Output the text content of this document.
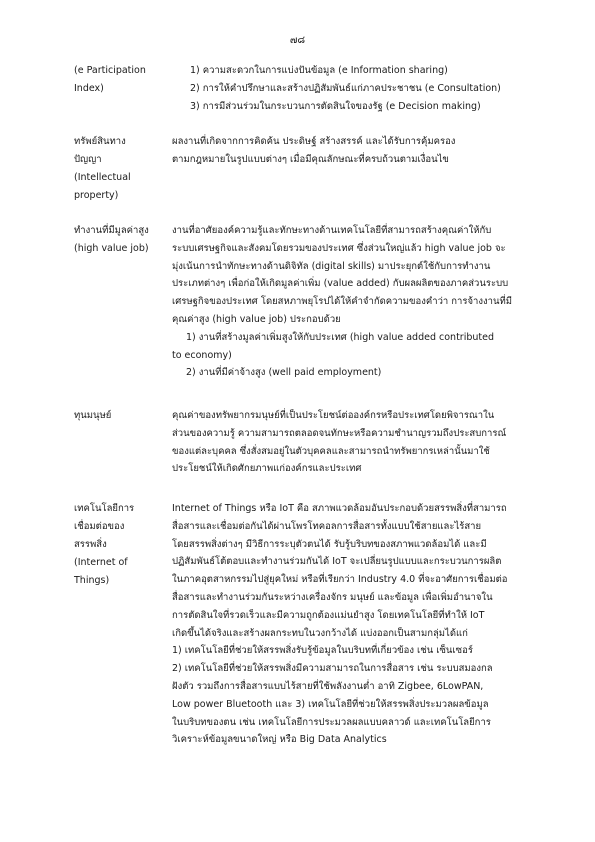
๗๘
(e Participation
Index)
1) ความสะดวกในการแบ่งปันข้อมูล (e Information sharing)
2) การให้คำปรึกษาและสร้างปฏิสัมพันธ์แก่ภาคประชาชน (e Consultation)
3) การมีส่วนร่วมในกระบวนการตัดสินใจของรัฐ (e Decision making)
ทรัพย์สินทาง
ปัญญา
(Intellectual
property)
ผลงานที่เกิดจากการคิดค้น ประดิษฐ์ สร้างสรรค์ และได้รับการคุ้มครอง
ตามกฎหมายในรูปแบบต่างๆ เมื่อมีคุณลักษณะที่ครบถ้วนตามเงื่อนไข
ทำงานที่มีมูลค่าสูง
(high value job)
งานที่อาศัยองค์ความรู้และทักษะทางด้านเทคโนโลยีที่สามารถสร้างคุณค่าให้กับ
ระบบเศรษฐกิจและสังคมโดยรวมของประเทศ ซึ่งส่วนใหญ่แล้ว high value job จะ
มุ่งเน้นการนำทักษะทางด้านดิจิทัล (digital skills) มาประยุกต์ใช้กับการทำงาน
ประเภทต่างๆ เพื่อก่อให้เกิดมูลค่าเพิ่ม (value added) กับผลผลิตของภาคส่วนระบบ
เศรษฐกิจของประเทศ โดยสหภาพยุโรปได้ให้คำจำกัดความของคำว่า การจ้างงานที่มี
คุณค่าสูง (high value job) ประกอบด้วย
1) งานที่สร้างมูลค่าเพิ่มสูงให้กับประเทศ (high value added contributed
to economy)
2) งานที่มีค่าจ้างสูง (well paid employment)
ทุนมนุษย์	คุณค่าของทรัพยากรมนุษย์ที่เป็นประโยชน์ต่อองค์กรหรือประเทศโดยพิจารณาใน
ส่วนของความรู้ ความสามารถตลอดจนทักษะหรือความชำนาญรวมถึงประสบการณ์
ของแต่ละบุคคล ซึ่งสั่งสมอยู่ในตัวบุคคลและสามารถนำทรัพยากรเหล่านั้นมาใช้
ประโยชน์ให้เกิดศักยภาพแก่องค์กรและประเทศ
เทคโนโลยีการ
เชื่อมต่อของ
สรรพสิ่ง
(Internet of
Things)
Internet of Things หรือ IoT คือ สภาพแวดล้อมอันประกอบด้วยสรรพสิ่งที่สามารถ
สื่อสารและเชื่อมต่อกันได้ผ่านโพรโทคอลการสื่อสารทั้งแบบใช้สายและไร้สาย
โดยสรรพสิ่งต่างๆ มีวิธีการระบุตัวตนได้ รับรู้บริบทของสภาพแวดล้อมได้ และมี
ปฏิสัมพันธ์โต้ตอบและทำงานร่วมกันได้ IoT จะเปลี่ยนรูปแบบและกระบวนการผลิต
ในภาคอุตสาหกรรมไปสู่ยุคใหม่ หรือที่เรียกว่า Industry 4.0 ที่จะอาศัยการเชื่อมต่อ
สื่อสารและทำงานร่วมกันระหว่างเครื่องจักร มนุษย์ และข้อมูล เพื่อเพิ่มอำนาจใน
การตัดสินใจที่รวดเร็วและมีความถูกต้องแม่นยำสูง โดยเทคโนโลยีที่ทำให้ IoT
เกิดขึ้นได้จริงและสร้างผลกระทบในวงกว้างได้ แบ่งออกเป็นสามกลุ่มได้แก่
1) เทคโนโลยีที่ช่วยให้สรรพสิ่งรับรู้ข้อมูลในบริบทที่เกี่ยวข้อง เช่น เซ็นเซอร์
2) เทคโนโลยีที่ช่วยให้สรรพสิ่งมีความสามารถในการสื่อสาร เช่น ระบบสมองกล
ฝังตัว รวมถึงการสื่อสารแบบไร้สายที่ใช้พลังงานต่ำ อาทิ Zigbee, 6LowPAN,
Low power Bluetooth และ 3) เทคโนโลยีที่ช่วยให้สรรพสิ่งประมวลผลข้อมูล
ในบริบทของตน เช่น เทคโนโลยีการประมวลผลแบบคลาวด์ และเทคโนโลยีการ
วิเคราะห์ข้อมูลขนาดใหญ่ หรือ Big Data Analytics
